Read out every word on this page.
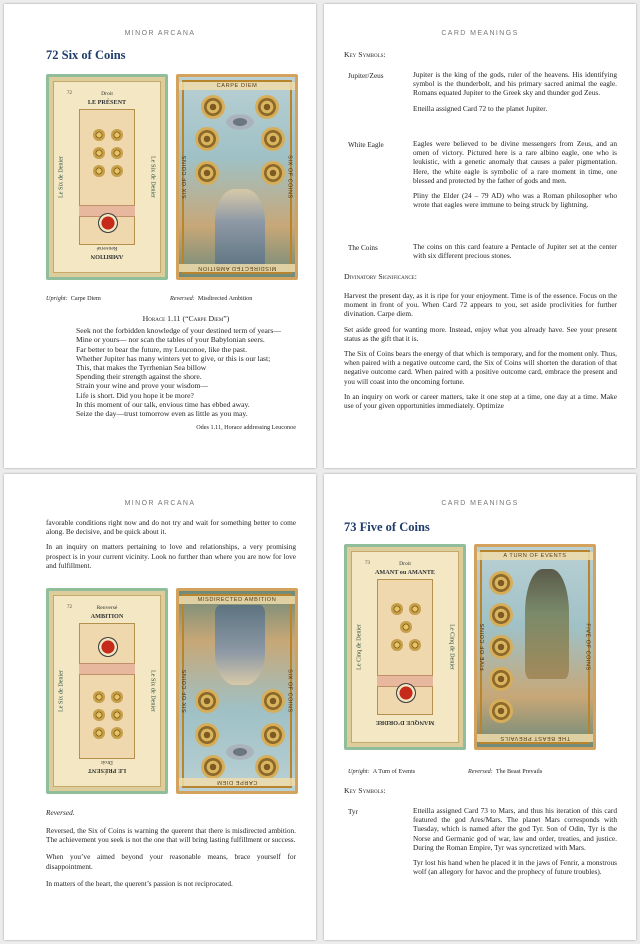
MINOR ARCANA
72 Six of Coins
72	Droit
LE PRÉSENT
Le Six de Denier	Le Six de Denier
AMBITION
Renversé
CARPE DIEM
SIX OF COINS	SIX OF COINS
MISDIRECTED AMBITION
Upright: Carpe Diem	Reversed: Misdirected Ambition
Horace 1.11 (“Carpe Diem”)
Seek not the forbidden knowledge of your destined term of years—
Mine or yours— nor scan the tables of your Babylonian seers.
Far better to bear the future, my Leuconoe, like the past.
Whether Jupiter has many winters yet to give, or this is our last;
This, that makes the Tyrrhenian Sea billow
Spending their strength against the shore.
Strain your wine and prove your wisdom—
Life is short. Did you hope it be more?
In this moment of our talk, envious time has ebbed away.
Seize the day—trust tomorrow even as little as you may.
Odes 1.11, Horace addressing Leuconoe
CARD MEANINGS
Key Symbols:
Jupiter/Zeus	Jupiter is the king of the gods, ruler of the heavens. His identifying symbol is the thunderbolt, and his primary sacred animal the eagle. Romans equated Jupiter to the Greek sky and thunder god Zeus.
Etteilla assigned Card 72 to the planet Jupiter.
White Eagle	Eagles were believed to be divine messengers from Zeus, and an omen of victory. Pictured here is a rare albino eagle, one who is leukistic, with a genetic anomaly that causes a paler pigmentation. Here, the white eagle is symbolic of a rare moment in time, one blessed and protected by the father of gods and men.
Pliny the Elder (24 – 79 AD) who was a Roman philosopher who wrote that eagles were immune to being struck by lightning.
The Coins	The coins on this card feature a Pentacle of Jupiter set at the center with six different precious stones.
Divinatory Significance:
Harvest the present day, as it is ripe for your enjoyment. Time is of the essence. Focus on the moment in front of you. When Card 72 appears to you, set aside proclivities for further divination. Carpe diem.
Set aside greed for wanting more. Instead, enjoy what you already have. See your present status as the gift that it is.
The Six of Coins bears the energy of that which is temporary, and for the moment only. Thus, when paired with a negative outcome card, the Six of Coins will shorten the duration of that negative outcome card. When paired with a positive outcome card, embrace the present and you will coast into the oncoming fortune.
In an inquiry on work or career matters, take it one step at a time, one day at a time. Make use of your given opportunities immediately. Optimize
MINOR ARCANA
favorable conditions right now and do not try and wait for something better to come along. Be decisive, and be quick about it.
In an inquiry on matters pertaining to love and relationships, a very promising prospect is in your current vicinity. Look no further than where you are now for love and fulfillment.
72	Renversé
AMBITION
Le Six de Denier	Le Six de Denier
LE PRÉSENT
Droit
MISDIRECTED AMBITION
SIX OF COINS	SIX OF COINS
CARPE DIEM
Reversed.
Reversed, the Six of Coins is warning the querent that there is misdirected ambition. The achievement you seek is not the one that will bring lasting fulfillment or success.
When you’ve aimed beyond your reasonable means, brace yourself for disappointment.
In matters of the heart, the querent’s passion is not reciprocated.
CARD MEANINGS
73 Five of Coins
73	Droit
AMANT ou AMANTE
Le Cinq de Denier	Le Cinq de Denier
MANQUE D’ORDRE
A TURN OF EVENTS
FIVE OF COINS	FIVE OF COINS
THE BEAST PREVAILS
Upright: A Turn of Events	Reversed: The Beast Prevails
Key Symbols:
Tyr	Etteilla assigned Card 73 to Mars, and thus his iteration of this card featured the god Ares/Mars. The planet Mars corresponds with Tuesday, which is named after the god Tyr. Son of Odin, Tyr is the Norse and Germanic god of war, law and order, treaties, and justice. During the Roman Empire, Tyr was syncretized with Mars.
Tyr lost his hand when he placed it in the jaws of Fenrir, a monstrous wolf (an allegory for havoc and the prophecy of future troubles).
